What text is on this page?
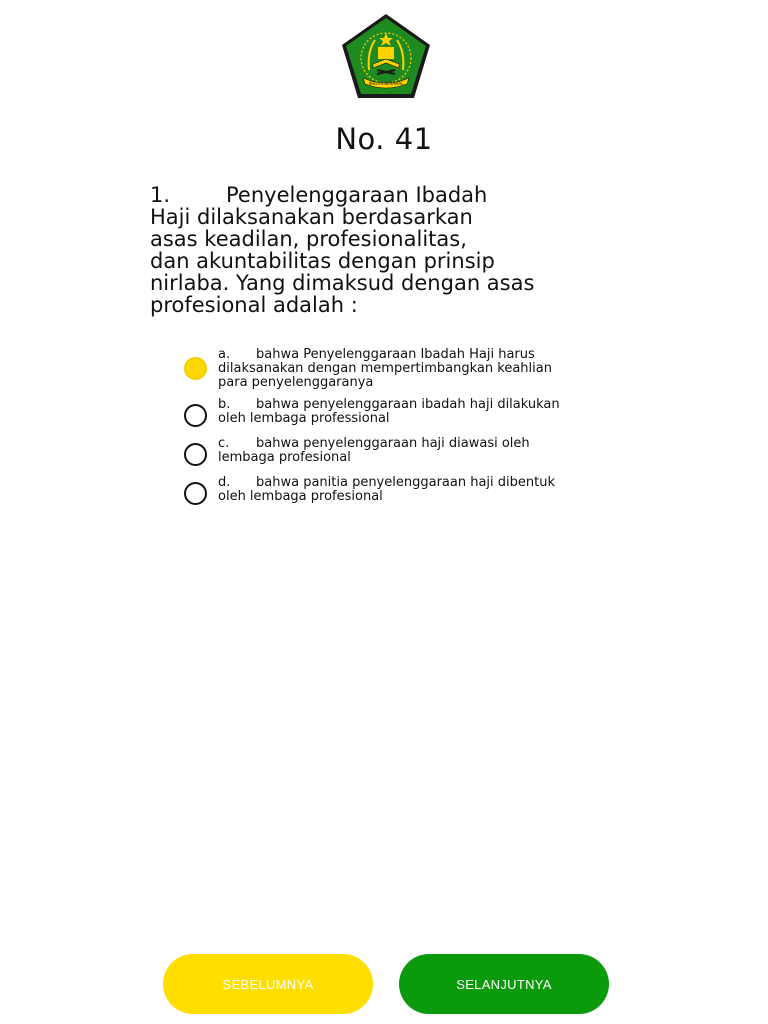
IKHLAS BERAMAL
No. 41
1.	Penyelenggaraan Ibadah
Haji dilaksanakan berdasarkan
asas keadilan, profesionalitas,
dan akuntabilitas dengan prinsip
nirlaba. Yang dimaksud dengan asas
profesional adalah :
a. bahwa Penyelenggaraan Ibadah Haji harus
dilaksanakan dengan mempertimbangkan keahlian
para penyelenggaranya
b. bahwa penyelenggaraan ibadah haji dilakukan
oleh lembaga professional
c. bahwa penyelenggaraan haji diawasi oleh
lembaga profesional
d. bahwa panitia penyelenggaraan haji dibentuk
oleh lembaga profesional
SEBELUMNYA	SELANJUTNYA
